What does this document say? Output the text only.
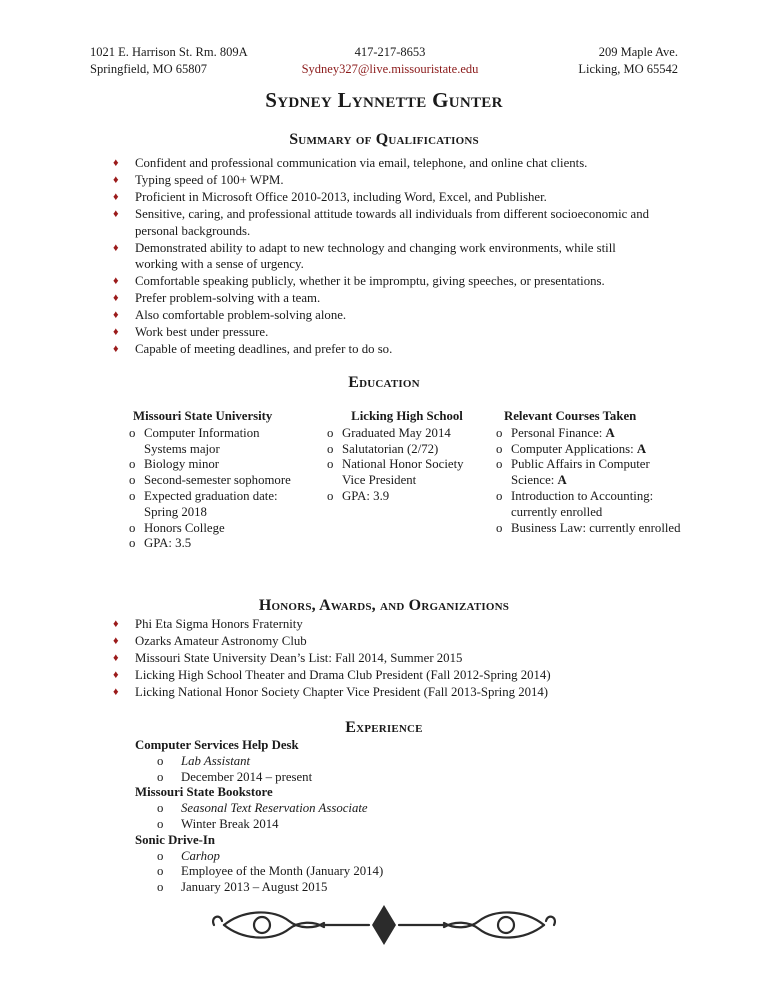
1021 E. Harrison St. Rm. 809A
Springfield, MO 65807
417-217-8653
Sydney327@live.missouristate.edu
209 Maple Ave.
Licking, MO 65542
Sydney Lynnette Gunter
Summary of Qualifications
♦ Confident and professional communication via email, telephone, and online chat clients.
♦ Typing speed of 100+ WPM.
♦ Proficient in Microsoft Office 2010-2013, including Word, Excel, and Publisher.
♦ Sensitive, caring, and professional attitude towards all individuals from different socioeconomic and personal backgrounds.
♦ Demonstrated ability to adapt to new technology and changing work environments, while still working with a sense of urgency.
♦ Comfortable speaking publicly, whether it be impromptu, giving speeches, or presentations.
♦ Prefer problem-solving with a team.
♦ Also comfortable problem-solving alone.
♦ Work best under pressure.
♦ Capable of meeting deadlines, and prefer to do so.
Education
Missouri State University
o Computer Information Systems major
o Biology minor
o Second-semester sophomore
o Expected graduation date: Spring 2018
o Honors College
o GPA: 3.5
Licking High School
o Graduated May 2014
o Salutatorian (2/72)
o National Honor Society Vice President
o GPA: 3.9
Relevant Courses Taken
o Personal Finance: A
o Computer Applications: A
o Public Affairs in Computer Science: A
o Introduction to Accounting: currently enrolled
o Business Law: currently enrolled
Honors, Awards, and Organizations
♦ Phi Eta Sigma Honors Fraternity
♦ Ozarks Amateur Astronomy Club
♦ Missouri State University Dean’s List: Fall 2014, Summer 2015
♦ Licking High School Theater and Drama Club President (Fall 2012-Spring 2014)
♦ Licking National Honor Society Chapter Vice President (Fall 2013-Spring 2014)
Experience
Computer Services Help Desk
o Lab Assistant
o December 2014 – present
Missouri State Bookstore
o Seasonal Text Reservation Associate
o Winter Break 2014
Sonic Drive-In
o Carhop
o Employee of the Month (January 2014)
o January 2013 – August 2015
